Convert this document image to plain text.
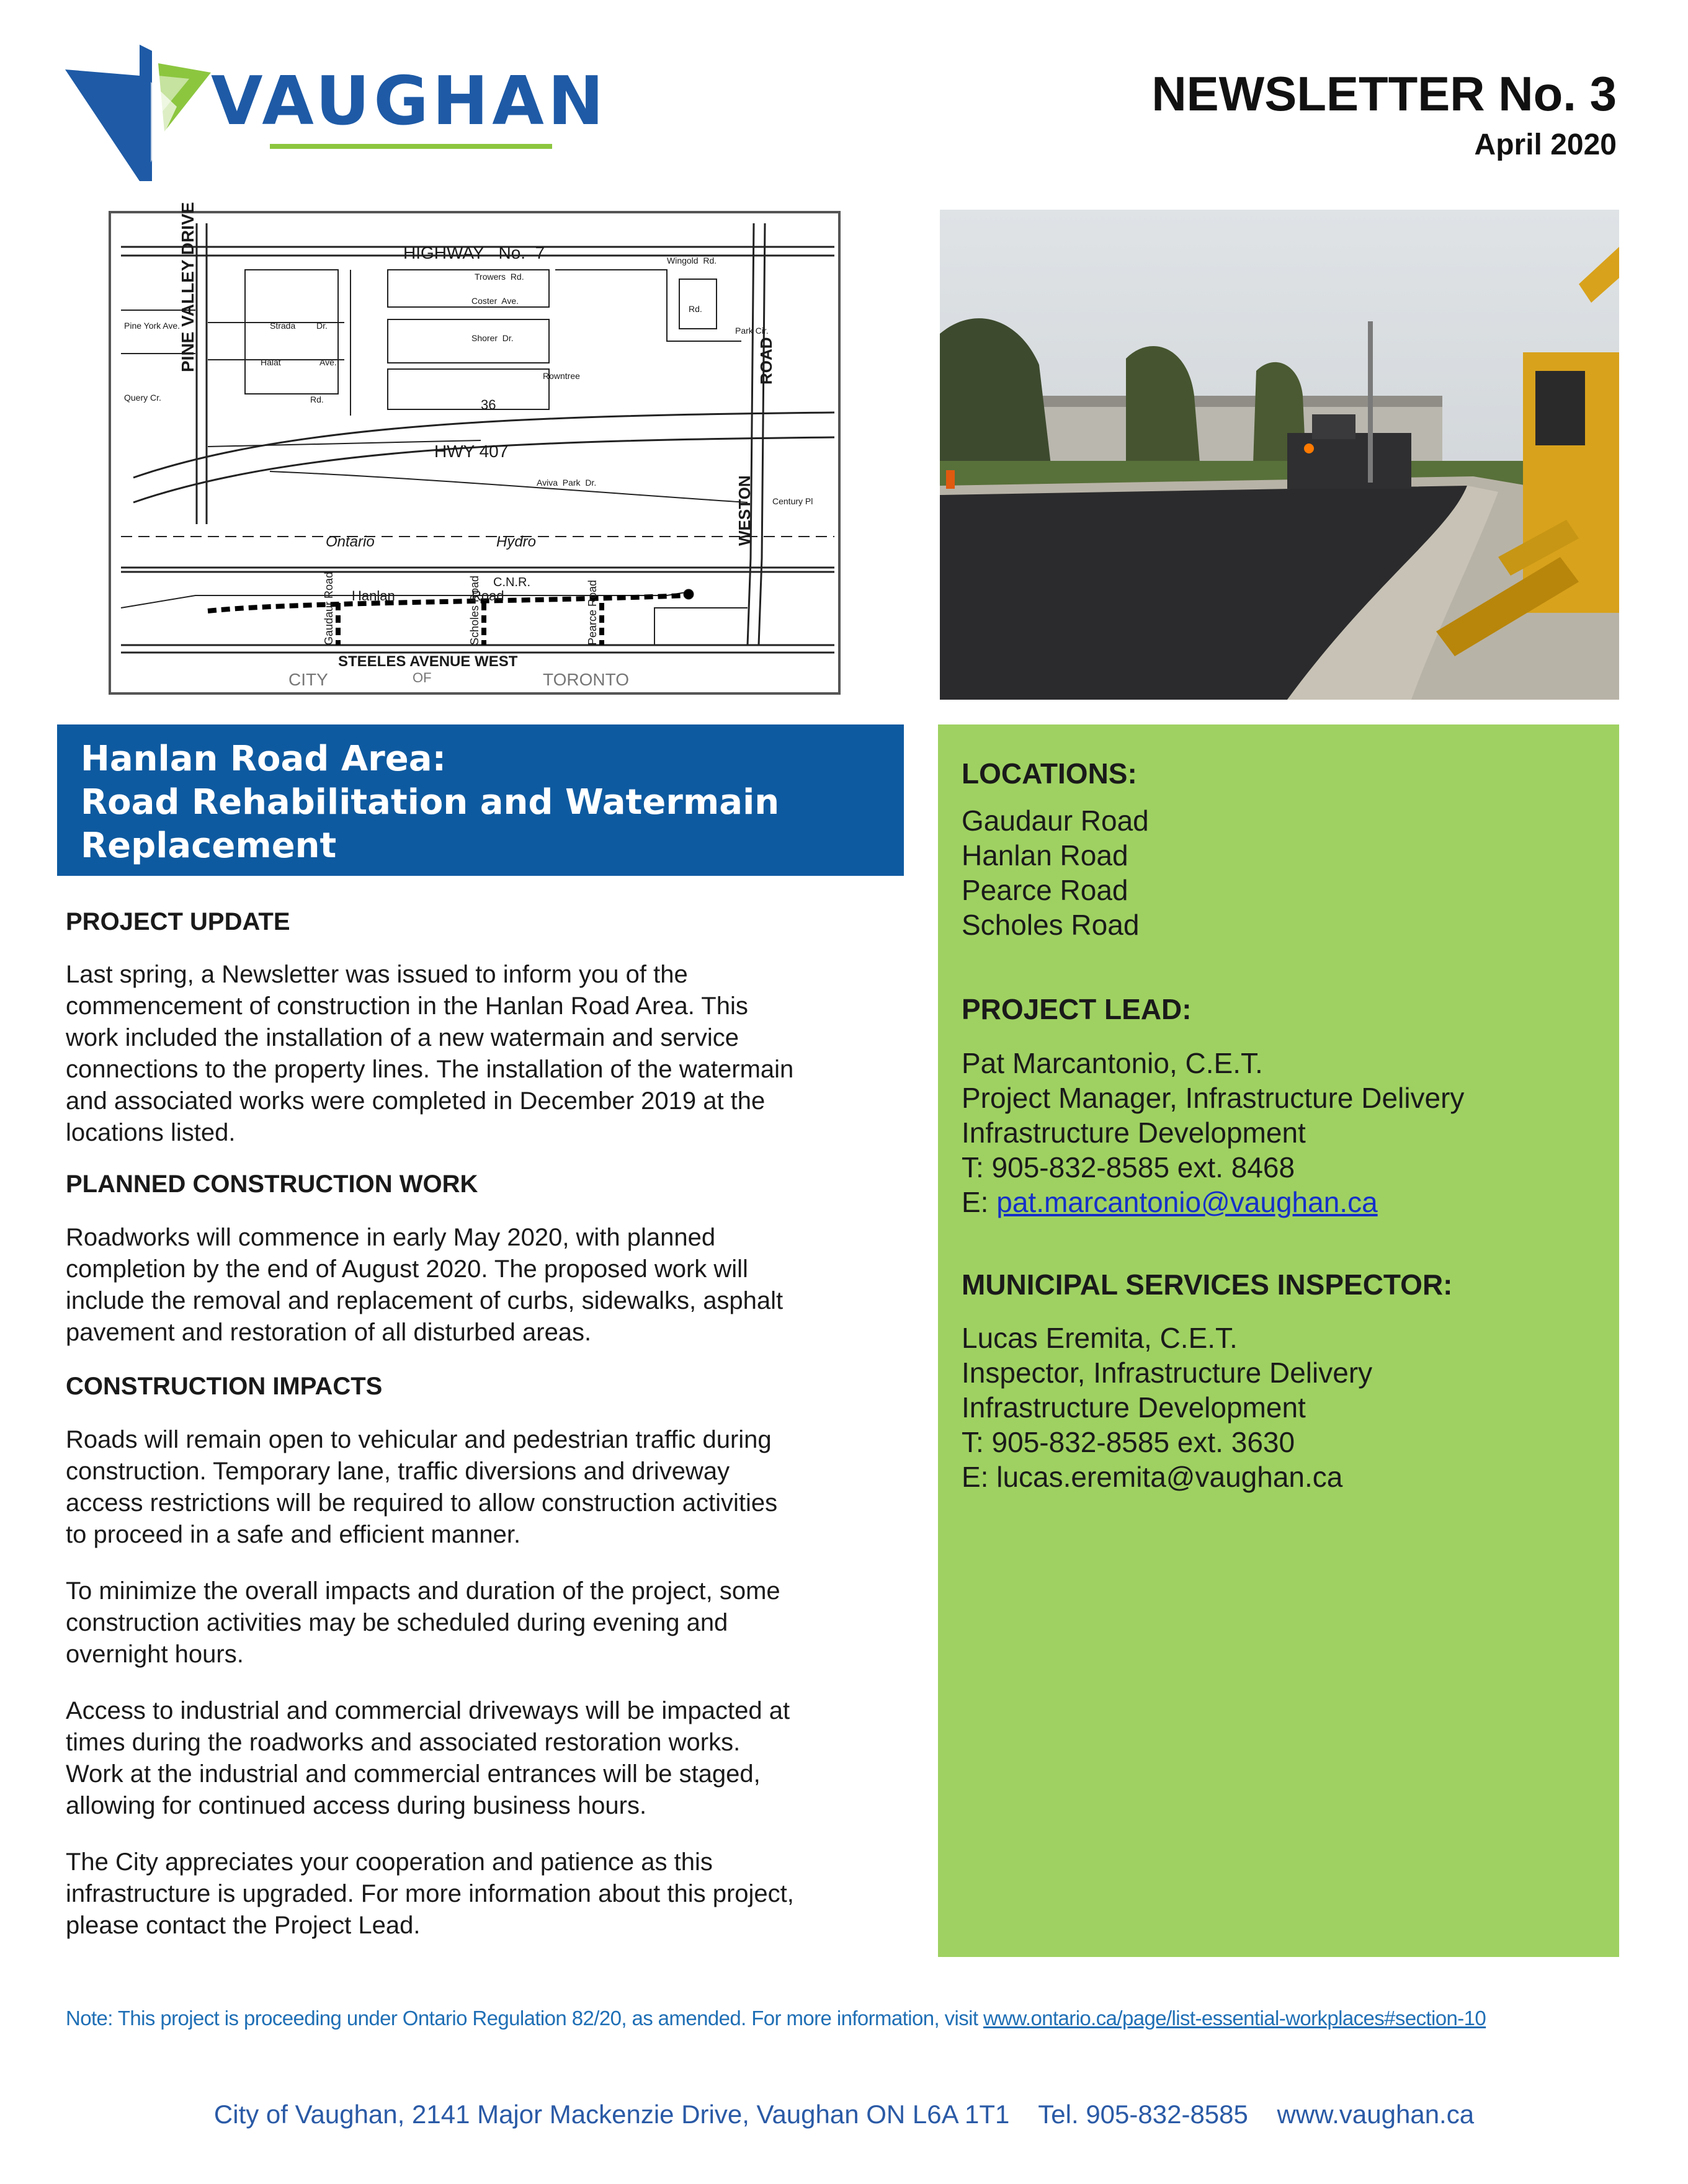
VAUGHAN	NEWSLETTER No. 3
April 2020
HIGHWAY   No.  7
PINE VALLEY DRIVE
HWY 407
Ontario	Hydro
C.N.R.
Hanlan	Road
WESTON
ROAD
STEELES AVENUE WEST
CITY	OF	TORONTO
36
Gaudaur Road	Scholes Road	Pearce Road
Aviva  Park  Dr.
Century Pl
Trowers  Rd.
Coster  Ave.
Shorer  Dr.
Rowntree
Wingold  Rd.
Rd.
Park Cir.
Strada Dr.
Halat	Ave.
Query Cr.
Pine York Ave.
Rd.
Hanlan Road Area:
Road Rehabilitation and Watermain
Replacement
PROJECT UPDATE
Last spring, a Newsletter was issued to inform you of the
commencement of construction in the Hanlan Road Area. This
work included the installation of a new watermain and service
connections to the property lines. The installation of the watermain
and associated works were completed in December 2019 at the
locations listed.
PLANNED CONSTRUCTION WORK
Roadworks will commence in early May 2020, with planned
completion by the end of August 2020. The proposed work will
include the removal and replacement of curbs, sidewalks, asphalt
pavement and restoration of all disturbed areas.
CONSTRUCTION IMPACTS
Roads will remain open to vehicular and pedestrian traffic during
construction. Temporary lane, traffic diversions and driveway
access restrictions will be required to allow construction activities
to proceed in a safe and efficient manner.
To minimize the overall impacts and duration of the project, some
construction activities may be scheduled during evening and
overnight hours.
Access to industrial and commercial driveways will be impacted at
times during the roadworks and associated restoration works.
Work at the industrial and commercial entrances will be staged,
allowing for continued access during business hours.
The City appreciates your cooperation and patience as this
infrastructure is upgraded. For more information about this project,
please contact the Project Lead.
LOCATIONS:
Gaudaur Road
Hanlan Road
Pearce Road
Scholes Road
PROJECT LEAD:
Pat Marcantonio, C.E.T.
Project Manager, Infrastructure Delivery
Infrastructure Development
T: 905-832-8585 ext. 8468
E: pat.marcantonio@vaughan.ca
MUNICIPAL SERVICES INSPECTOR:
Lucas Eremita, C.E.T.
Inspector, Infrastructure Delivery
Infrastructure Development
T: 905-832-8585 ext. 3630
E: lucas.eremita@vaughan.ca
Note: This project is proceeding under Ontario Regulation 82/20, as amended. For more information, visit www.ontario.ca/page/list-essential-workplaces#section-10
City of Vaughan, 2141 Major Mackenzie Drive, Vaughan ON L6A 1T1    Tel. 905-832-8585    www.vaughan.ca
